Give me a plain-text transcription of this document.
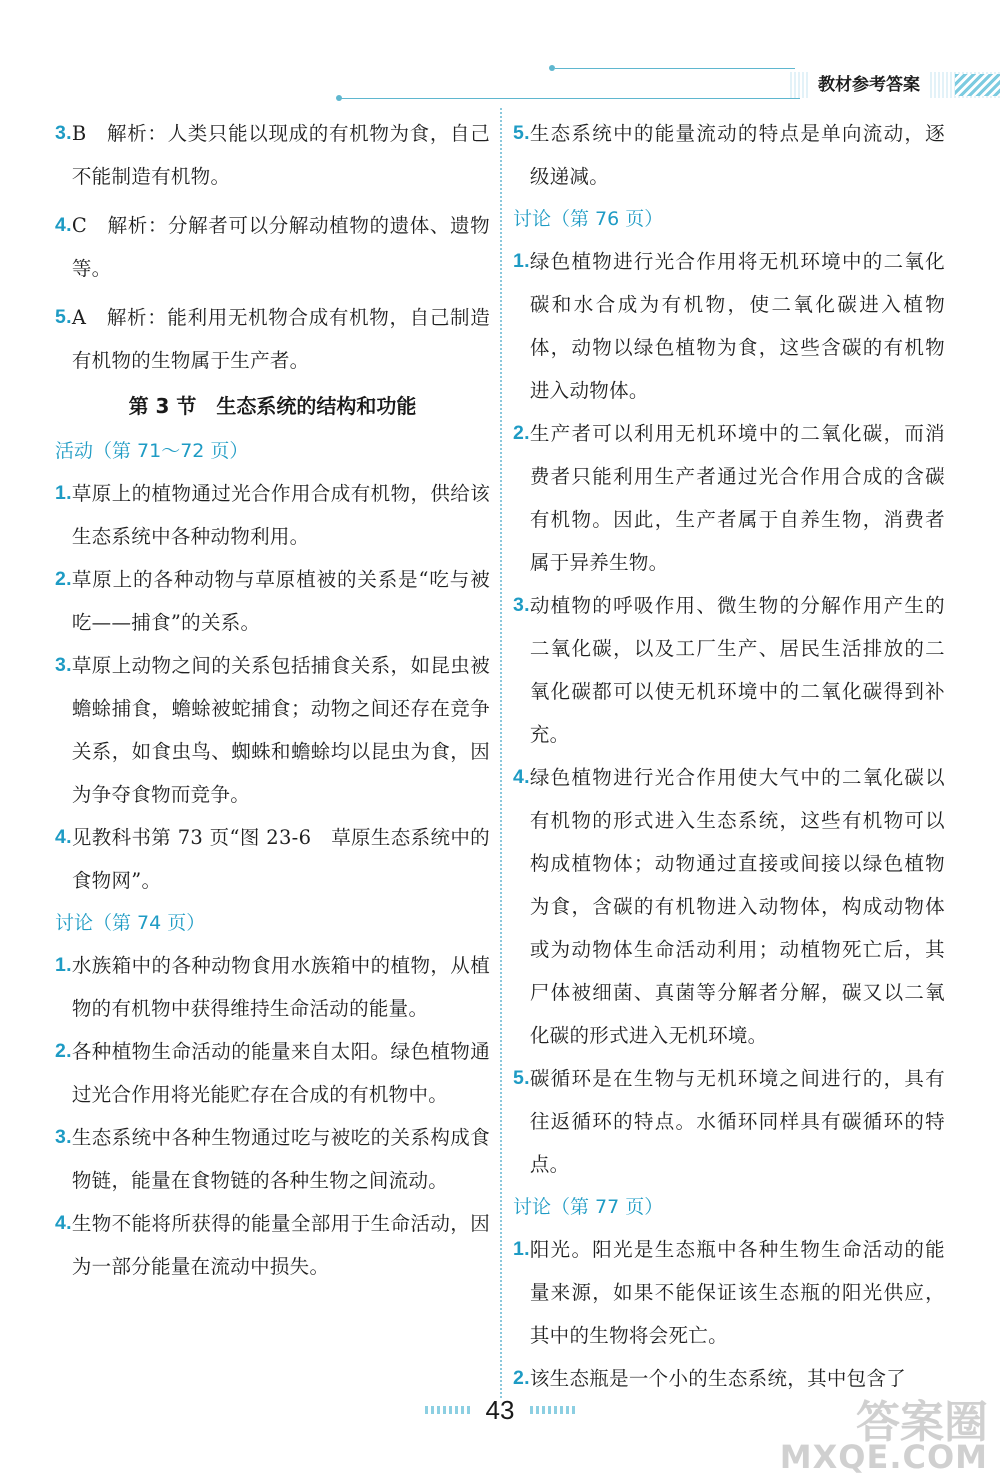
教材参考答案
3. B　解析：人类只能以现成的有机物为食，自己不能制造有机物。
4. C　解析：分解者可以分解动植物的遗体、遗物等。
5. A　解析：能利用无机物合成有机物，自己制造有机物的生物属于生产者。
第 3 节　生态系统的结构和功能
活动（第 71～72 页）
1. 草原上的植物通过光合作用合成有机物，供给该生态系统中各种动物利用。
2. 草原上的各种动物与草原植被的关系是“吃与被吃——捕食”的关系。
3. 草原上动物之间的关系包括捕食关系，如昆虫被蟾蜍捕食，蟾蜍被蛇捕食；动物之间还存在竞争关系，如食虫鸟、蜘蛛和蟾蜍均以昆虫为食，因为争夺食物而竞争。
4. 见教科书第 73 页“图 23-6　草原生态系统中的食物网”。
讨论（第 74 页）
1. 水族箱中的各种动物食用水族箱中的植物，从植物的有机物中获得维持生命活动的能量。
2. 各种植物生命活动的能量来自太阳。绿色植物通过光合作用将光能贮存在合成的有机物中。
3. 生态系统中各种生物通过吃与被吃的关系构成食物链，能量在食物链的各种生物之间流动。
4. 生物不能将所获得的能量全部用于生命活动，因为一部分能量在流动中损失。
5. 生态系统中的能量流动的特点是单向流动，逐级递减。
讨论（第 76 页）
1. 绿色植物进行光合作用将无机环境中的二氧化碳和水合成为有机物，使二氧化碳进入植物体，动物以绿色植物为食，这些含碳的有机物进入动物体。
2. 生产者可以利用无机环境中的二氧化碳，而消费者只能利用生产者通过光合作用合成的含碳有机物。因此，生产者属于自养生物，消费者属于异养生物。
3. 动植物的呼吸作用、微生物的分解作用产生的二氧化碳，以及工厂生产、居民生活排放的二氧化碳都可以使无机环境中的二氧化碳得到补充。
4. 绿色植物进行光合作用使大气中的二氧化碳以有机物的形式进入生态系统，这些有机物可以构成植物体；动物通过直接或间接以绿色植物为食，含碳的有机物进入动物体，构成动物体或为动物体生命活动利用；动植物死亡后，其尸体被细菌、真菌等分解者分解，碳又以二氧化碳的形式进入无机环境。
5. 碳循环是在生物与无机环境之间进行的，具有往返循环的特点。水循环同样具有碳循环的特点。
讨论（第 77 页）
1. 阳光。阳光是生态瓶中各种生物生命活动的能量来源，如果不能保证该生态瓶的阳光供应，其中的生物将会死亡。
2. 该生态瓶是一个小的生态系统，其中包含了
43	答案圈
MXQE.COM
